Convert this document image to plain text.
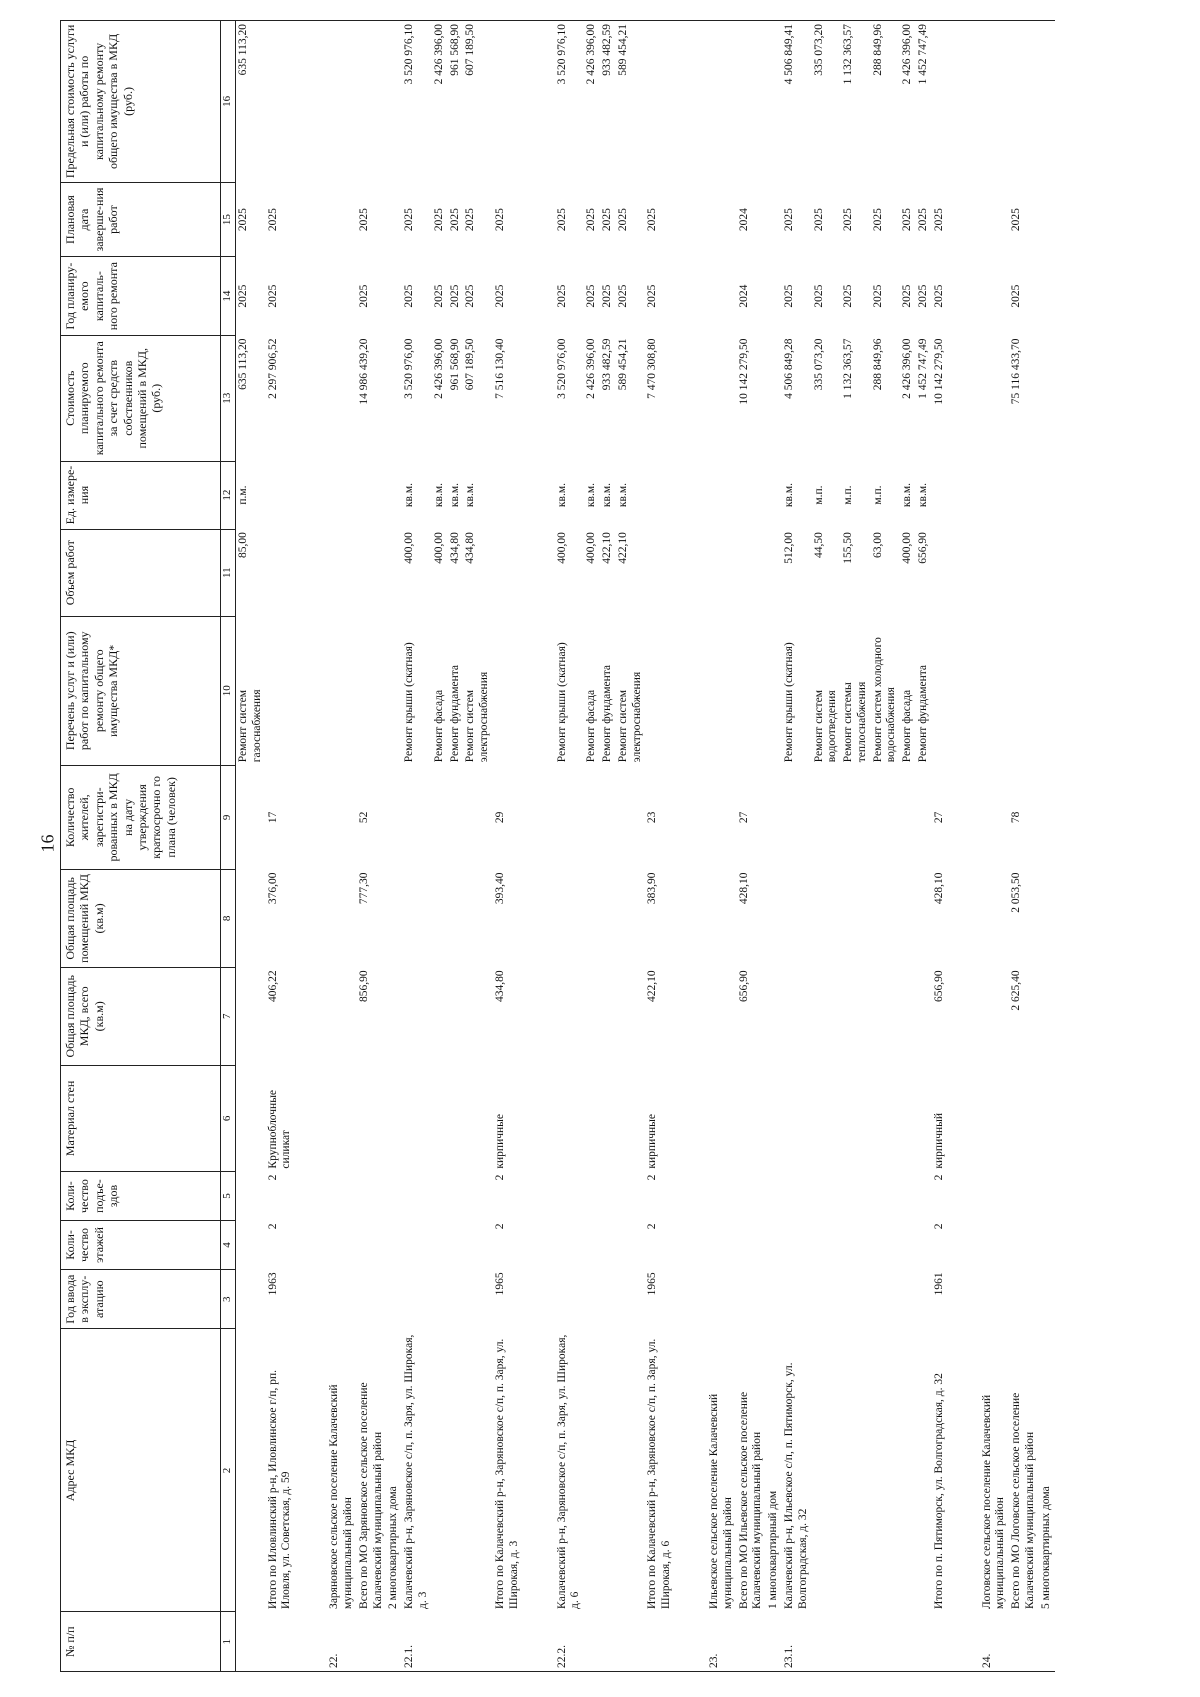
16
№ п/п	Адрес МКД	Год ввода в эксплу-атацию	Коли-чество этажей	Коли-чество подъе-здов	Материал стен	Общая площадь МКД, всего (кв.м)	Общая площадь помещений МКД (кв.м)	Количество жителей, зарегистри-рованных в МКД на дату утверждения краткосрочно го плана (человек)	Перечень услуг и (или) работ по капитальному ремонту общего имущества МКД*	Объем работ	Ед. измере-ния	Стоимость планируемого капитального ремонта за счет средств собственников помещений в МКД, (руб.)	Год планиру-емого капиталь-ного ремонта	Плановая дата заверше-ния работ	Предельная стоимость услуги и (или) работы по капитальному ремонту общего имущества в МКД (руб.)
1	2	3	4	5	6	7	8	9	10	11	12	13	14	15	16
									Ремонт систем газоснабжения	85,00	п.м.	635 113,20	2025	2025	635 113,20
	Итого по Иловлинский р-н, Иловлинское г/п, рп. Иловля, ул. Советская, д. 59	1963	2	2	Крупноблочные силикат	406,22	376,00	17				2 297 906,52	2025	2025	

22.	Заряновское сельское поселение Калачевский муниципальный район														
	Всего по МО Заряновское сельское поселение Калачевский муниципальный район					856,90	777,30	52				14 986 439,20	2025	2025	
	2 многоквартирных дома														
22.1.	Калачевский р-н, Заряновское с/п, п. Заря, ул. Широкая, д. 3								Ремонт крыши (скатная)	400,00	кв.м.	3 520 976,00	2025	2025	3 520 976,10
									Ремонт фасада	400,00	кв.м.	2 426 396,00	2025	2025	2 426 396,00
									Ремонт фундамента	434,80	кв.м.	961 568,90	2025	2025	961 568,90
									Ремонт систем электроснабжения	434,80	кв.м.	607 189,50	2025	2025	607 189,50
	Итого по Калачевский р-н, Заряновское с/п, п. Заря, ул. Широкая, д. 3	1965	2	2	кирпичные	434,80	393,40	29				7 516 130,40	2025	2025	

22.2.	Калачевский р-н, Заряновское с/п, п. Заря, ул. Широкая, д. 6								Ремонт крыши (скатная)	400,00	кв.м.	3 520 976,00	2025	2025	3 520 976,10
									Ремонт фасада	400,00	кв.м.	2 426 396,00	2025	2025	2 426 396,00
									Ремонт фундамента	422,10	кв.м.	933 482,59	2025	2025	933 482,59
									Ремонт систем электроснабжения	422,10	кв.м.	589 454,21	2025	2025	589 454,21
	Итого по Калачевский р-н, Заряновское с/п, п. Заря, ул. Широкая, д. 6	1965	2	2	кирпичные	422,10	383,90	23				7 470 308,80	2025	2025	

23.	Ильевское сельское поселение Калачевский муниципальный район														
	Всего по МО Ильевское сельское поселение Калачевский муниципальный район					656,90	428,10	27				10 142 279,50	2024	2024	
	1 многоквартирный дом														
23.1.	Калачевский р-н, Ильевское с/п, п. Пятиморск, ул. Волгоградская, д. 32								Ремонт крыши (скатная)	512,00	кв.м.	4 506 849,28	2025	2025	4 506 849,41
									Ремонт систем водоотведения	44,50	м.п.	335 073,20	2025	2025	335 073,20
									Ремонт системы теплоснабжения	155,50	м.п.	1 132 363,57	2025	2025	1 132 363,57
									Ремонт систем холодного водоснабжения	63,00	м.п.	288 849,96	2025	2025	288 849,96
									Ремонт фасада	400,00	кв.м.	2 426 396,00	2025	2025	2 426 396,00
									Ремонт фундамента	656,90	кв.м.	1 452 747,49	2025	2025	1 452 747,49
	Итого по п. Пятиморск, ул. Волгоградская, д. 32	1961	2	2	кирпичный	656,90	428,10	27				10 142 279,50	2025	2025	

24.	Логовское сельское поселение Калачевский муниципальный район														
	Всего по МО Логовское сельское поселение Калачевский муниципальный район					2 625,40	2 053,50	78				75 116 433,70	2025	2025	
	5 многоквартирных дома														
